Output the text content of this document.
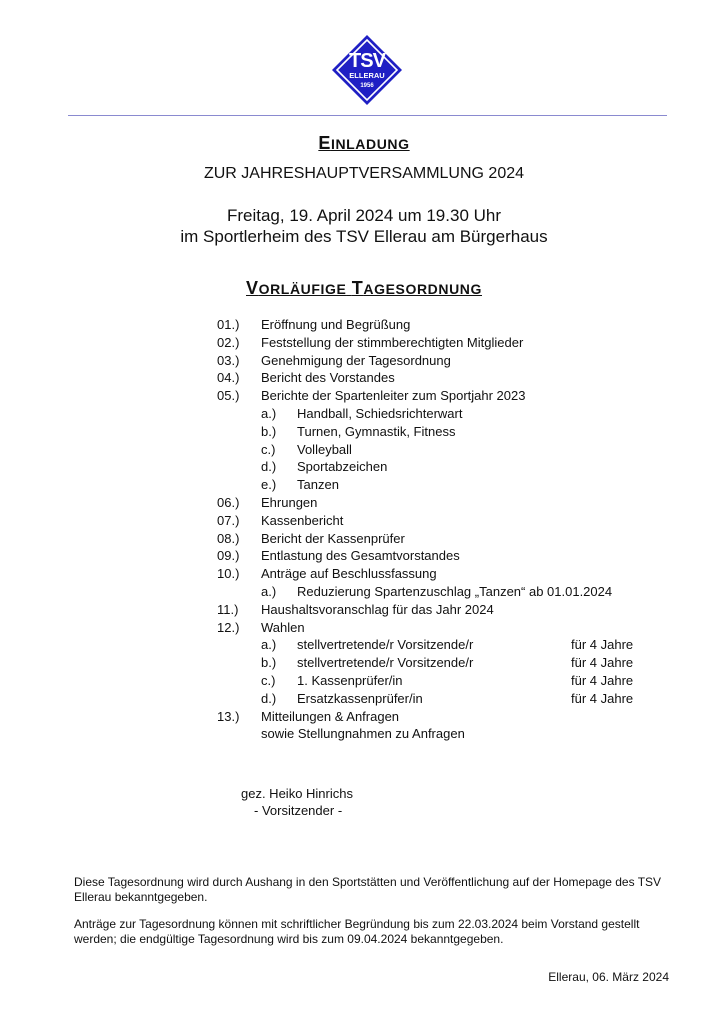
TSV
ELLERAU
1956
EINLADUNG
ZUR JAHRESHAUPTVERSAMMLUNG 2024
Freitag, 19. April 2024 um 19.30 Uhr
im Sportlerheim des TSV Ellerau am Bürgerhaus
VORLÄUFIGE TAGESORDNUNG
01.) Eröffnung und Begrüßung
02.) Feststellung der stimmberechtigten Mitglieder
03.) Genehmigung der Tagesordnung
04.) Bericht des Vorstandes
05.) Berichte der Spartenleiter zum Sportjahr 2023
a.) Handball, Schiedsrichterwart
b.) Turnen, Gymnastik, Fitness
c.) Volleyball
d.) Sportabzeichen
e.) Tanzen
06.) Ehrungen
07.) Kassenbericht
08.) Bericht der Kassenprüfer
09.) Entlastung des Gesamtvorstandes
10.) Anträge auf Beschlussfassung
a.) Reduzierung Spartenzuschlag „Tanzen“ ab 01.01.2024
11.) Haushaltsvoranschlag für das Jahr 2024
12.) Wahlen
a.) stellvertretende/r Vorsitzende/r	für 4 Jahre
b.) stellvertretende/r Vorsitzende/r	für 4 Jahre
c.) 1. Kassenprüfer/in	für 4 Jahre
d.) Ersatzkassenprüfer/in	für 4 Jahre
13.) Mitteilungen & Anfragen
sowie Stellungnahmen zu Anfragen
gez. Heiko Hinrichs
- Vorsitzender -
Diese Tagesordnung wird durch Aushang in den Sportstätten und Veröffentlichung auf der Homepage des TSV Ellerau bekanntgegeben.
Anträge zur Tagesordnung können mit schriftlicher Begründung bis zum 22.03.2024 beim Vorstand gestellt werden; die endgültige Tagesordnung wird bis zum 09.04.2024 bekanntgegeben.
Ellerau, 06. März 2024
